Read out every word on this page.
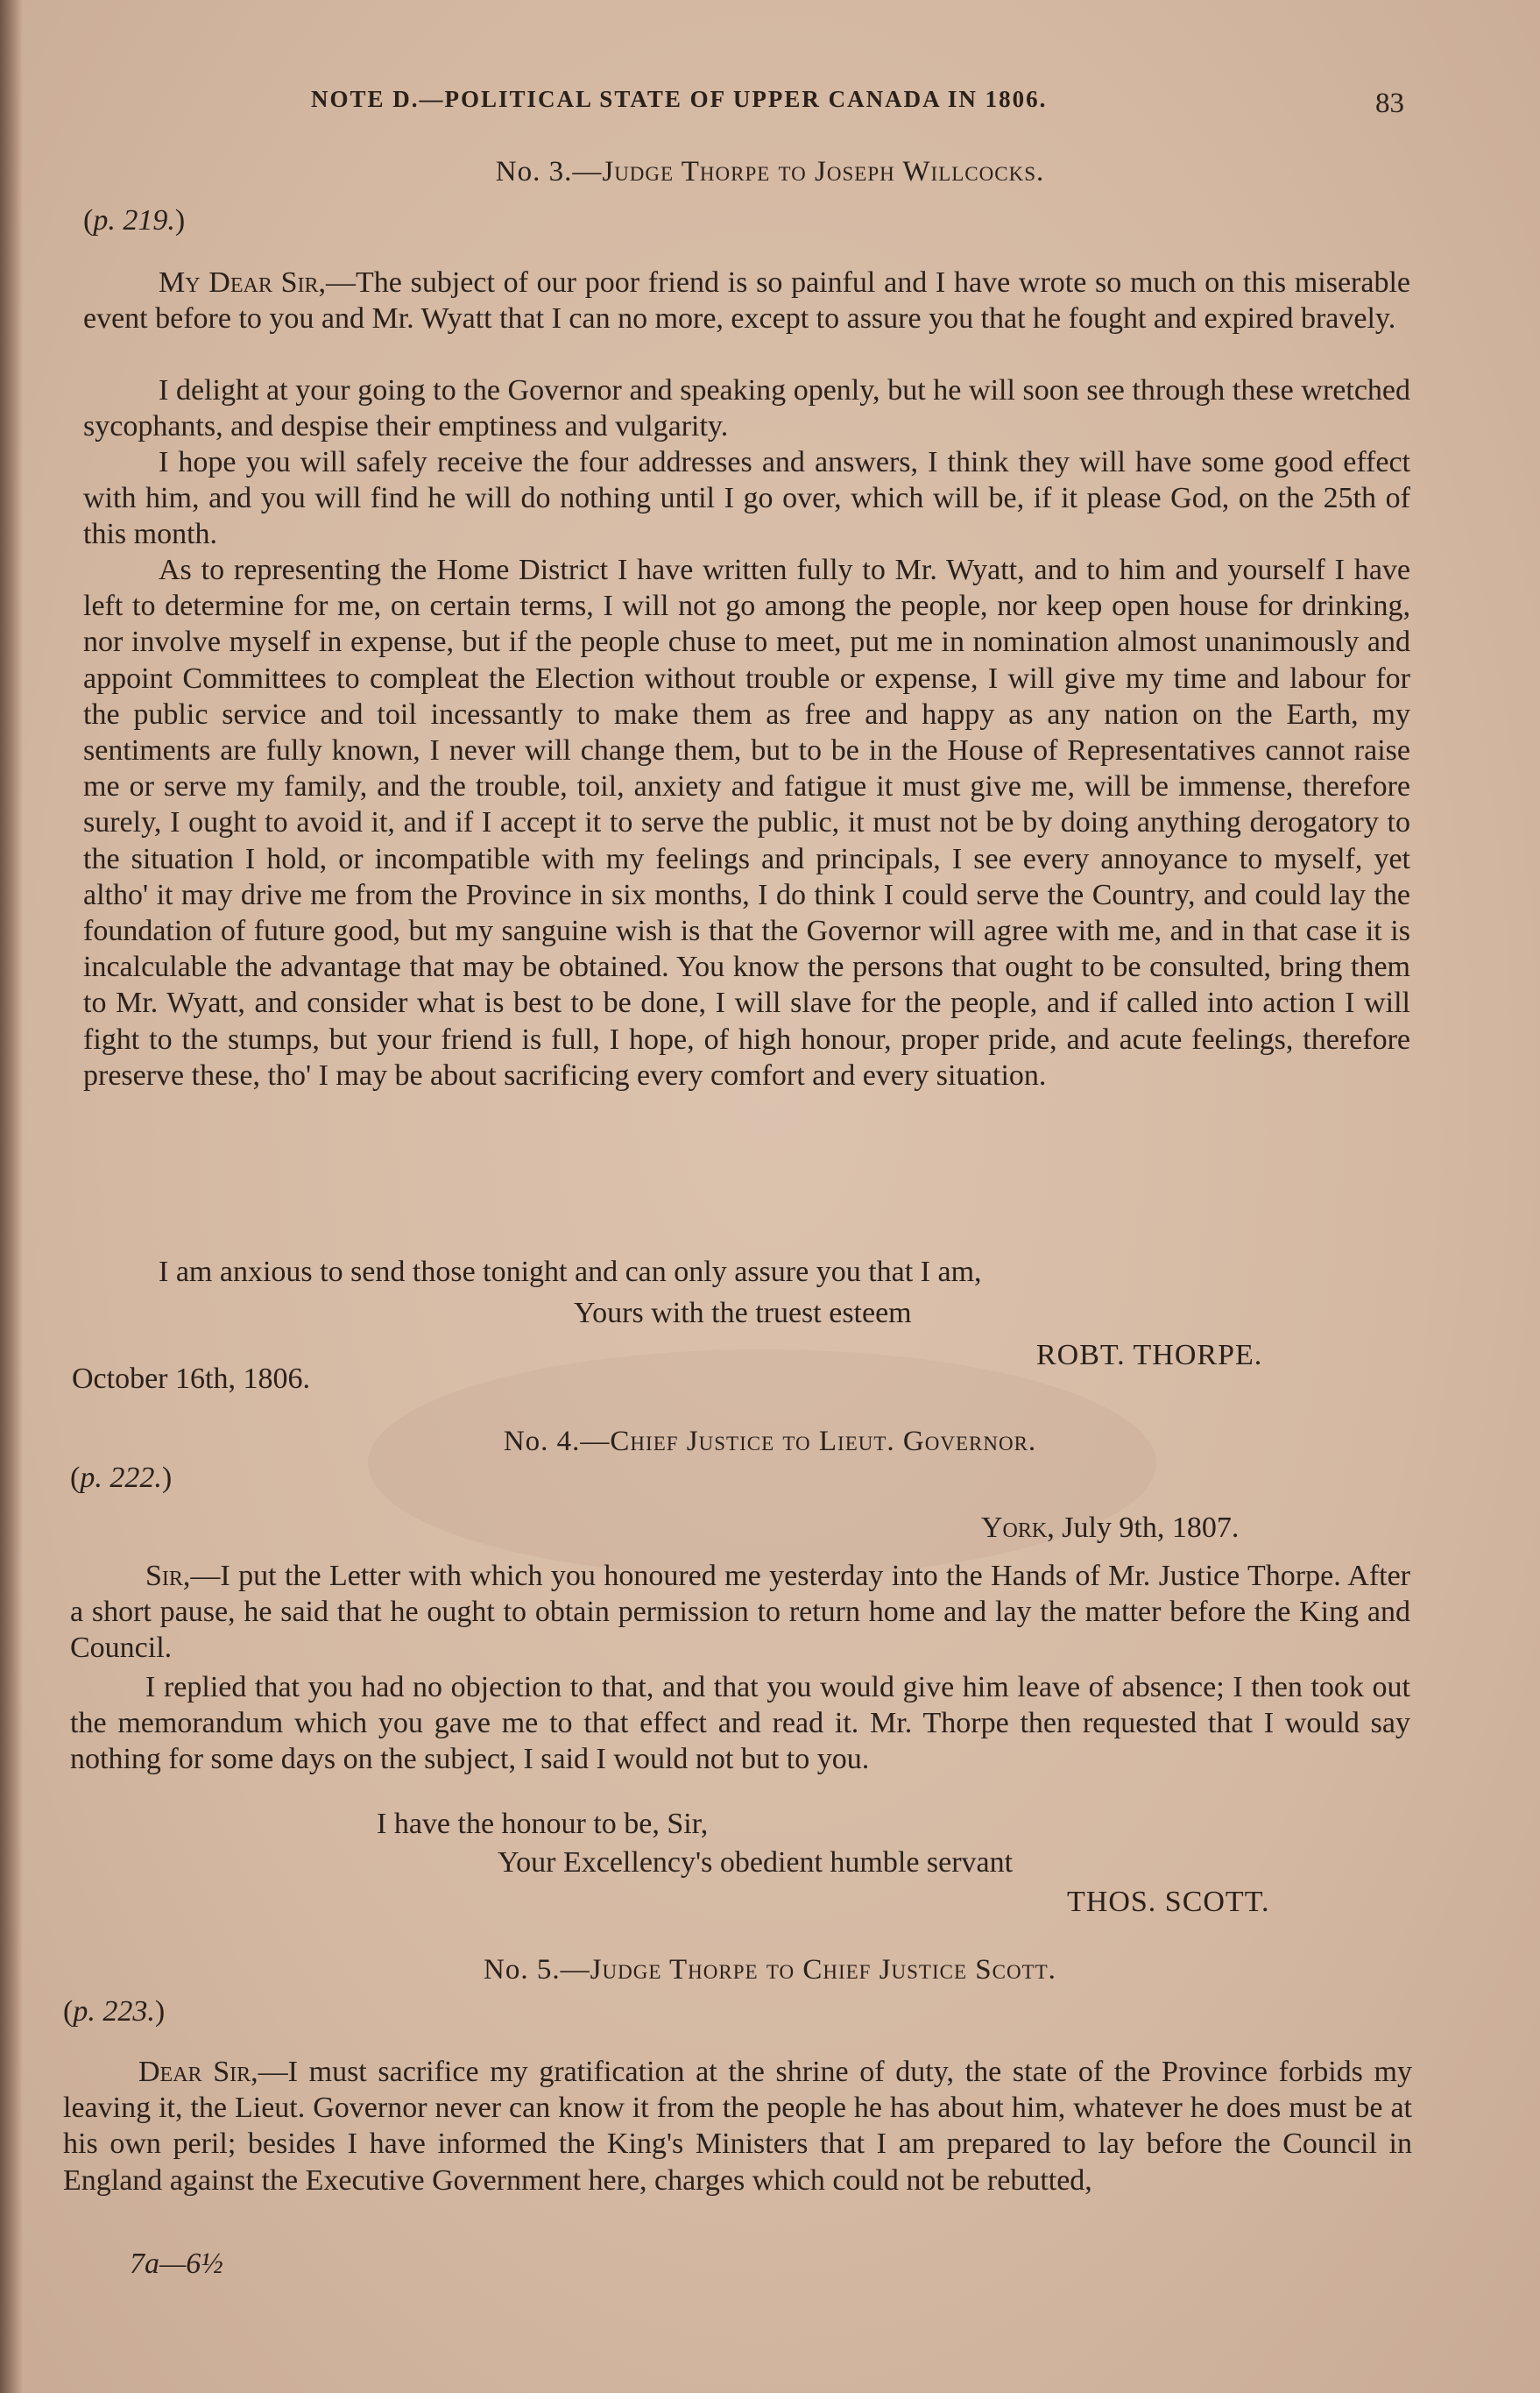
NOTE D.—POLITICAL STATE OF UPPER CANADA IN 1806.	83
No. 3.—Judge Thorpe to Joseph Willcocks.
(p. 219.)
My Dear Sir,—The subject of our poor friend is so painful and I have wrote so much on this miserable event before to you and Mr. Wyatt that I can no more, except to assure you that he fought and expired bravely.
I delight at your going to the Governor and speaking openly, but he will soon see through these wretched sycophants, and despise their emptiness and vulgarity.
I hope you will safely receive the four addresses and answers, I think they will have some good effect with him, and you will find he will do nothing until I go over, which will be, if it please God, on the 25th of this month.
As to representing the Home District I have written fully to Mr. Wyatt, and to him and yourself I have left to determine for me, on certain terms, I will not go among the people, nor keep open house for drinking, nor involve myself in expense, but if the people chuse to meet, put me in nomination almost unanimously and appoint Committees to compleat the Election without trouble or expense, I will give my time and labour for the public service and toil incessantly to make them as free and happy as any nation on the Earth, my sentiments are fully known, I never will change them, but to be in the House of Representatives cannot raise me or serve my family, and the trouble, toil, anxiety and fatigue it must give me, will be immense, therefore surely, I ought to avoid it, and if I accept it to serve the public, it must not be by doing anything derogatory to the situation I hold, or incompatible with my feelings and principals, I see every annoyance to myself, yet altho' it may drive me from the Province in six months, I do think I could serve the Country, and could lay the foundation of future good, but my sanguine wish is that the Governor will agree with me, and in that case it is incalculable the advantage that may be obtained. You know the persons that ought to be consulted, bring them to Mr. Wyatt, and consider what is best to be done, I will slave for the people, and if called into action I will fight to the stumps, but your friend is full, I hope, of high honour, proper pride, and acute feelings, therefore preserve these, tho' I may be about sacrificing every comfort and every situation.
I am anxious to send those tonight and can only assure you that I am,
Yours with the truest esteem
ROBT. THORPE.
October 16th, 1806.
No. 4.—Chief Justice to Lieut. Governor.
(p. 222.)
York, July 9th, 1807.
Sir,—I put the Letter with which you honoured me yesterday into the Hands of Mr. Justice Thorpe. After a short pause, he said that he ought to obtain permission to return home and lay the matter before the King and Council.
I replied that you had no objection to that, and that you would give him leave of absence; I then took out the memorandum which you gave me to that effect and read it. Mr. Thorpe then requested that I would say nothing for some days on the subject, I said I would not but to you.
I have the honour to be, Sir,
Your Excellency's obedient humble servant
THOS. SCOTT.
No. 5.—Judge Thorpe to Chief Justice Scott.
(p. 223.)
Dear Sir,—I must sacrifice my gratification at the shrine of duty, the state of the Province forbids my leaving it, the Lieut. Governor never can know it from the people he has about him, whatever he does must be at his own peril; besides I have informed the King's Ministers that I am prepared to lay before the Council in England against the Executive Government here, charges which could not be rebutted,
7a—6½
